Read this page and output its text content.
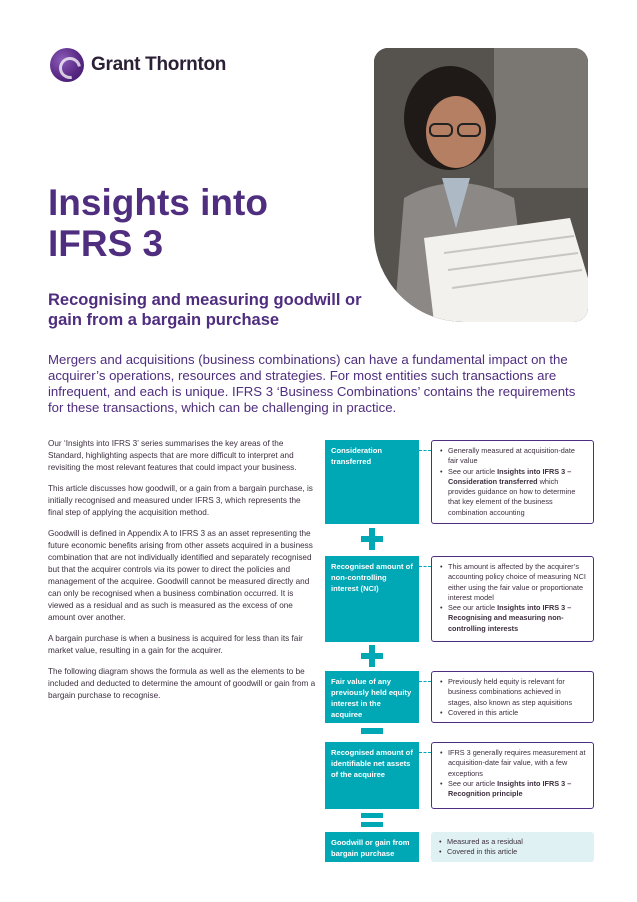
Grant Thornton
Insights into
IFRS 3
Recognising and measuring goodwill or gain from a bargain purchase
Mergers and acquisitions (business combinations) can have a fundamental impact on the acquirer’s operations, resources and strategies. For most entities such transactions are infrequent, and each is unique. IFRS 3 ‘Business Combinations’ contains the requirements for these transactions, which can be challenging in practice.

Our ‘Insights into IFRS 3’ series summarises the key areas of the Standard, highlighting aspects that are more difficult to interpret and revisiting the most relevant features that could impact your business.

This article discusses how goodwill, or a gain from a bargain purchase, is initially recognised and measured under IFRS 3, which represents the final step of applying the acquisition method.

Goodwill is defined in Appendix A to IFRS 3 as an asset representing the future economic benefits arising from other assets acquired in a business combination that are not individually identified and separately recognised but that the acquirer controls via its power to direct the policies and management of the acquiree. Goodwill cannot be measured directly and can only be recognised when a business combination occurred. It is viewed as a residual and as such is measured as the excess of one amount over another.

A bargain purchase is when a business is acquired for less than its fair market value, resulting in a gain for the acquirer.

The following diagram shows the formula as well as the elements to be included and deducted to determine the amount of goodwill or gain from a bargain purchase to recognise.

Consideration transferred
• Generally measured at acquisition-date fair value
• See our article Insights into IFRS 3 – Consideration transferred which provides guidance on how to determine that key element of the business combination accounting
Recognised amount of non-controlling interest (NCI)
• This amount is affected by the acquirer’s accounting policy choice of measuring NCI either using the fair value or proportionate interest model
• See our article Insights into IFRS 3 – Recognising and measuring non-controlling interests
Fair value of any previously held equity interest in the acquiree
• Previously held equity is relevant for business combinations achieved in stages, also known as step aquisitions
• Covered in this article
Recognised amount of identifiable net assets of the acquiree
• IFRS 3 generally requires measurement at acquisition-date fair value, with a few exceptions
• See our article Insights into IFRS 3 – Recognition principle
Goodwill or gain from bargain purchase
• Measured as a residual
• Covered in this article
